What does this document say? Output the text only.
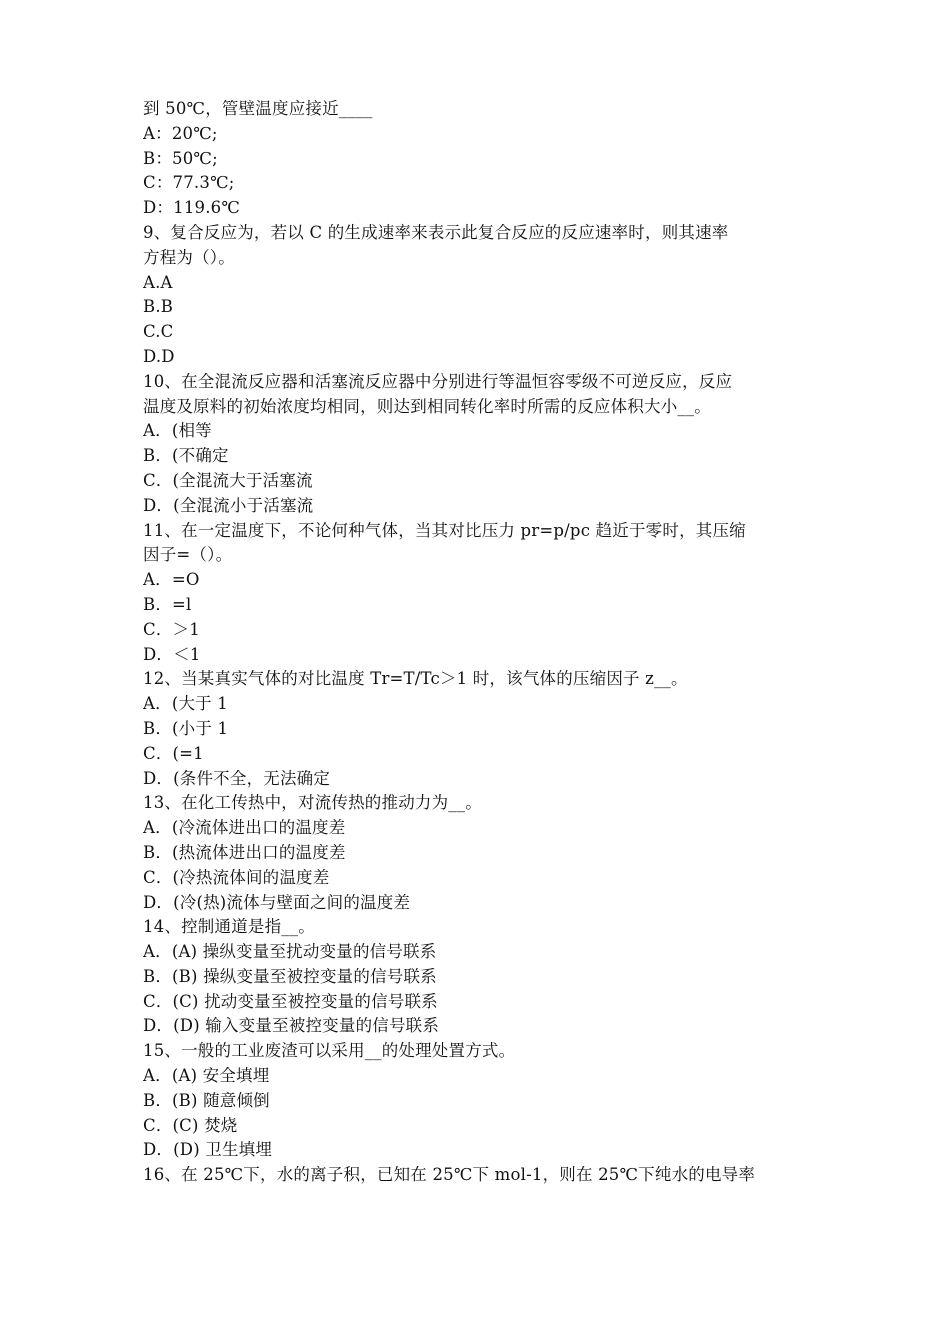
到 50℃，管壁温度应接近____
A：20℃;
B：50℃;
C：77.3℃;
D：119.6℃
9、复合反应为，若以 C 的生成速率来表示此复合反应的反应速率时，则其速率
方程为（）。
A.A
B.B
C.C
D.D
10、在全混流反应器和活塞流反应器中分别进行等温恒容零级不可逆反应，反应
温度及原料的初始浓度均相同，则达到相同转化率时所需的反应体积大小__。
A．(相等
B．(不确定
C．(全混流大于活塞流
D．(全混流小于活塞流
11、在一定温度下，不论何种气体，当其对比压力 pr=p/pc 趋近于零时，其压缩
因子=（）。
A．=O
B．=l
C．＞1
D．＜1
12、当某真实气体的对比温度 Tr=T/Tc＞1 时，该气体的压缩因子 z__。
A．(大于 1
B．(小于 1
C．(=1
D．(条件不全，无法确定
13、在化工传热中，对流传热的推动力为__。
A．(冷流体进出口的温度差
B．(热流体进出口的温度差
C．(冷热流体间的温度差
D．(冷(热)流体与壁面之间的温度差
14、控制通道是指__。
A．(A) 操纵变量至扰动变量的信号联系
B．(B) 操纵变量至被控变量的信号联系
C．(C) 扰动变量至被控变量的信号联系
D．(D) 输入变量至被控变量的信号联系
15、一般的工业废渣可以采用__的处理处置方式。
A．(A) 安全填埋
B．(B) 随意倾倒
C．(C) 焚烧
D．(D) 卫生填埋
16、在 25℃下，水的离子积，已知在 25℃下 mol-1，则在 25℃下纯水的电导率
